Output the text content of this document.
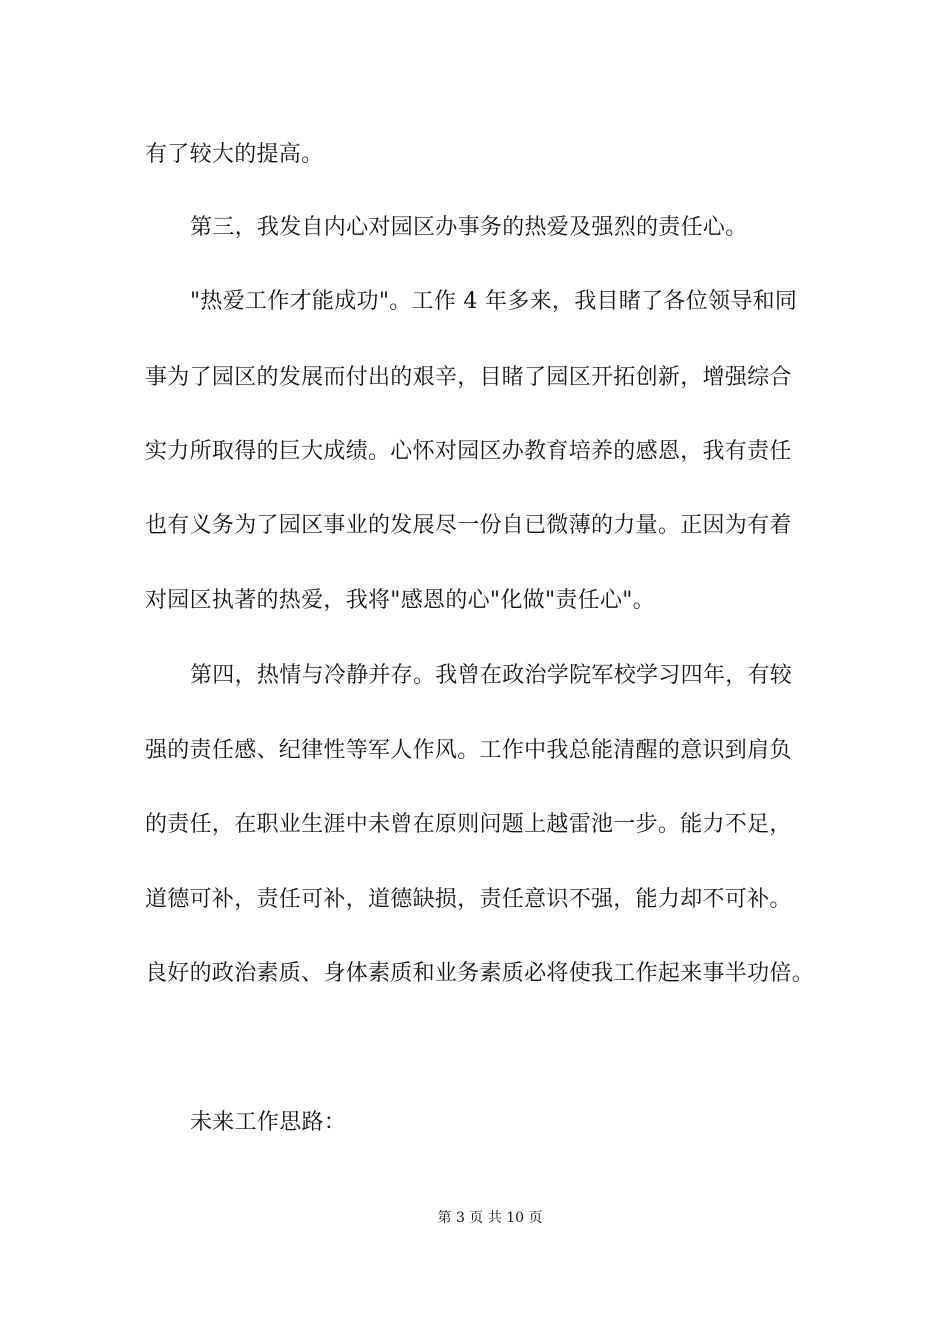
有了较大的提高。
第三，我发自内心对园区办事务的热爱及强烈的责任心。
"热爱工作才能成功"。工作 4 年多来，我目睹了各位领导和同
事为了园区的发展而付出的艰辛，目睹了园区开拓创新，增强综合
实力所取得的巨大成绩。心怀对园区办教育培养的感恩，我有责任
也有义务为了园区事业的发展尽一份自已微薄的力量。正因为有着
对园区执著的热爱，我将"感恩的心"化做"责任心"。
第四，热情与冷静并存。我曾在政治学院军校学习四年，有较
强的责任感、纪律性等军人作风。工作中我总能清醒的意识到肩负
的责任，在职业生涯中未曾在原则问题上越雷池一步。能力不足，
道德可补，责任可补，道德缺损，责任意识不强，能力却不可补。
良好的政治素质、身体素质和业务素质必将使我工作起来事半功倍。
未来工作思路：
第 3 页 共 10 页
